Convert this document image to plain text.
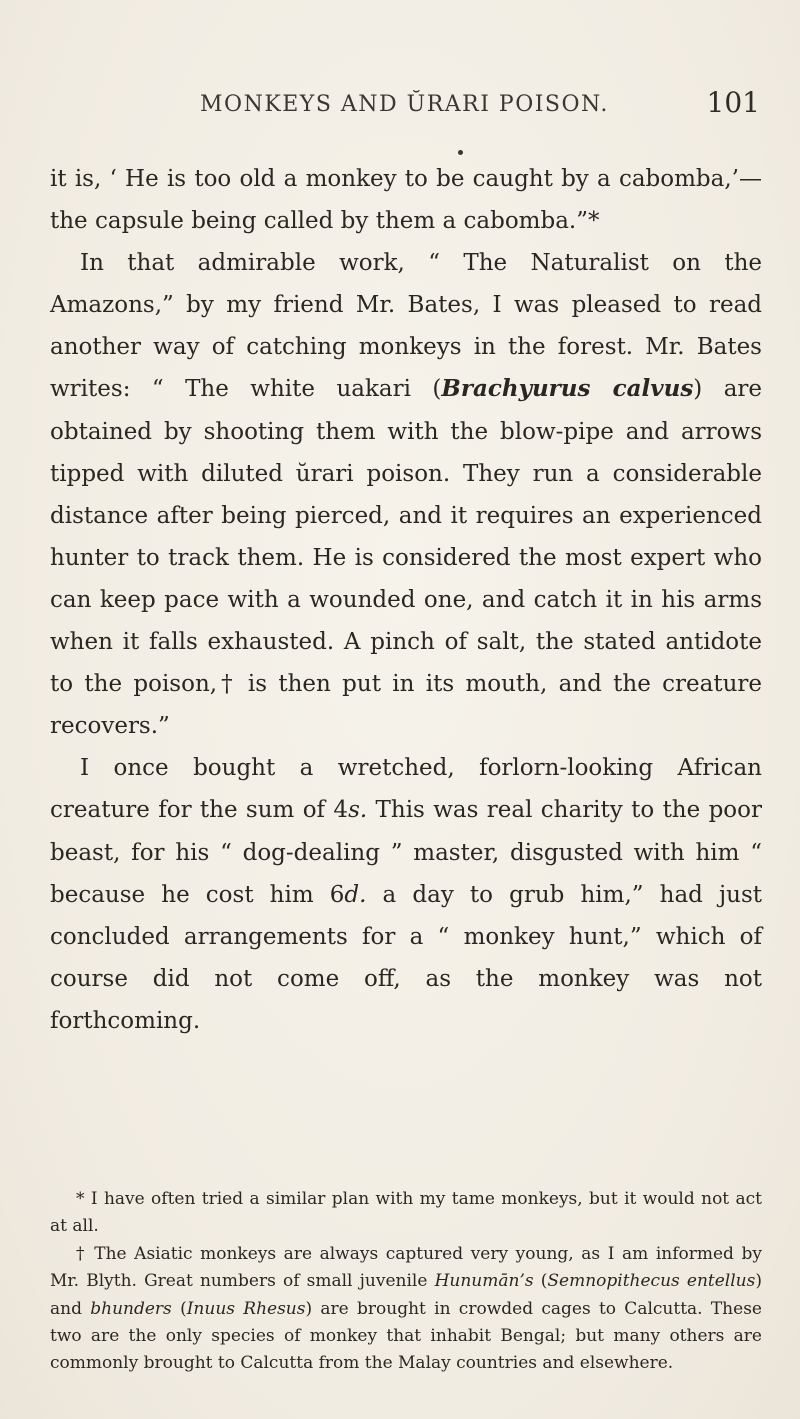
MONKEYS AND ŬRARI POISON.	101

it is, ‘ He is too old a monkey to be caught by a cabomba,’—the capsule being called by them a cabomba.”*

In that admirable work, “ The Naturalist on the Amazons,” by my friend Mr. Bates, I was pleased to read another way of catching monkeys in the forest. Mr. Bates writes: “ The white uakari (Brachyurus calvus) are obtained by shooting them with the blow-pipe and arrows tipped with diluted ŭrari poison. They run a considerable distance after being pierced, and it requires an experienced hunter to track them. He is considered the most expert who can keep pace with a wounded one, and catch it in his arms when it falls exhausted. A pinch of salt, the stated antidote to the poison,† is then put in its mouth, and the creature recovers.”

I once bought a wretched, forlorn-looking African creature for the sum of 4s. This was real charity to the poor beast, for his “ dog-dealing ” master, disgusted with him “ because he cost him 6d. a day to grub him,” had just concluded arrangements for a “ monkey hunt,” which of course did not come off, as the monkey was not forthcoming.

* I have often tried a similar plan with my tame monkeys, but it would not act at all.

† The Asiatic monkeys are always captured very young, as I am informed by Mr. Blyth. Great numbers of small juvenile Hunumān’s (Semnopithecus entellus) and bhunders (Inuus Rhesus) are brought in crowded cages to Calcutta. These two are the only species of monkey that inhabit Bengal; but many others are commonly brought to Calcutta from the Malay countries and elsewhere.
